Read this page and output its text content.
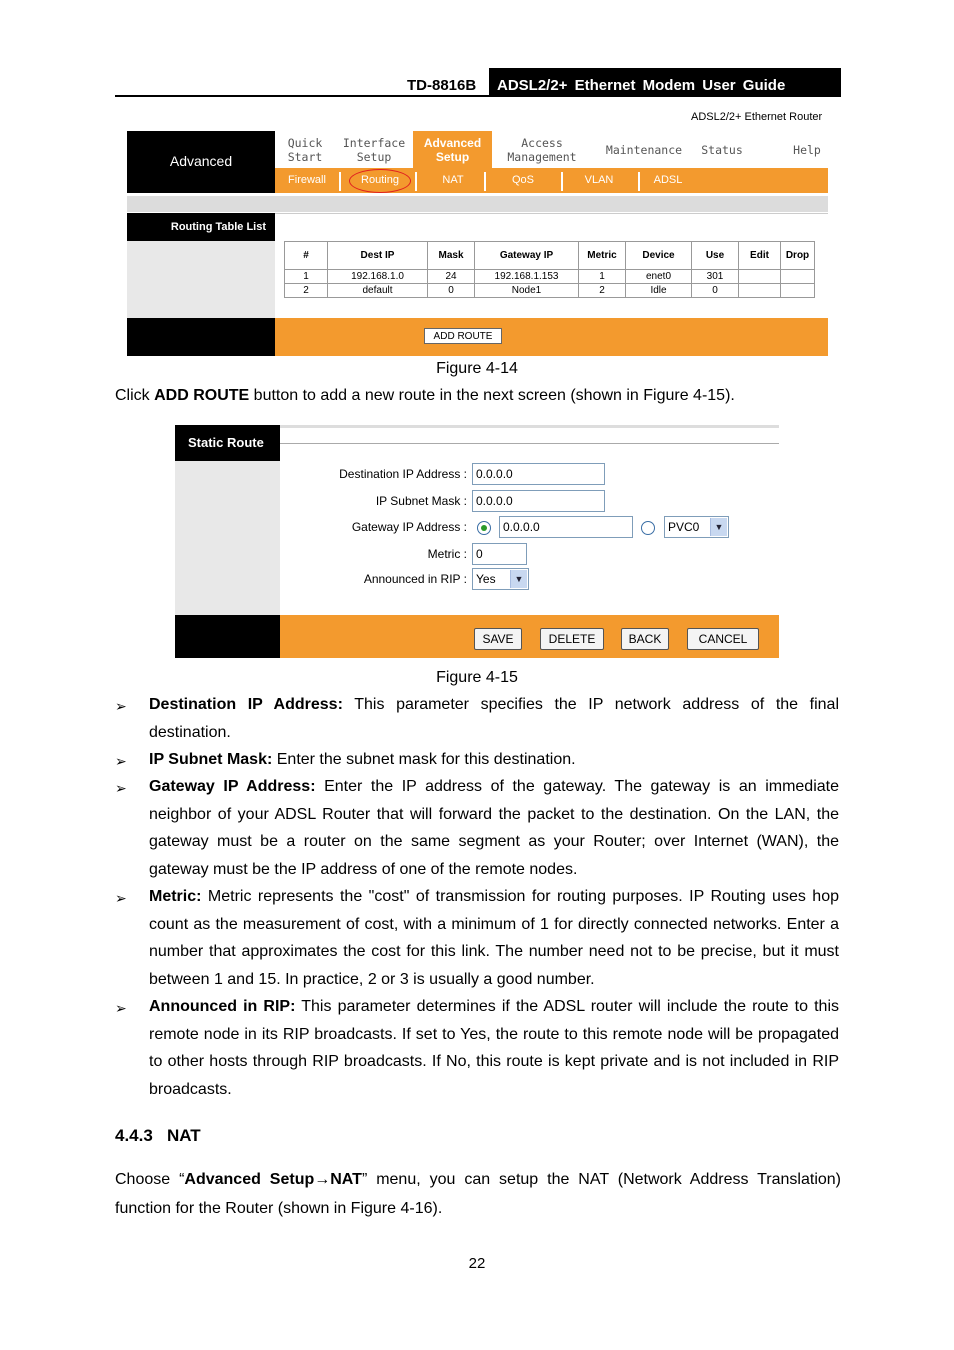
TD-8816B ADSL2/2+ Ethernet Modem User Guide
ADSL2/2+ Ethernet Router
Advanced
Quick
Start
Interface
Setup
Advanced
Setup
Access
Management	Maintenance Status	Help
Firewall	Routing	NAT	QoS	VLAN	ADSL
Routing Table List
#	Dest IP	Mask	Gateway IP	Metric	Device	Use	Edit	Drop
1	192.168.1.0	24	192.168.1.153	1	enet0	301		
2	default	0	Node1	2	Idle	0		
ADD ROUTE
Figure 4-14
Click ADD ROUTE button to add a new route in the next screen (shown in Figure 4-15).
Static Route
Destination IP Address : 0.0.0.0
IP Subnet Mask : 0.0.0.0
Gateway IP Address :	0.0.0.0	PVC0	▼
Metric : 0
Announced in RIP : Yes	▼
SAVE	DELETE	BACK	CANCEL
Figure 4-15
➢ Destination IP Address: This parameter specifies the IP network address of the final destination.
➢ IP Subnet Mask: Enter the subnet mask for this destination.
➢ Gateway IP Address: Enter the IP address of the gateway. The gateway is an immediate neighbor of your ADSL Router that will forward the packet to the destination. On the LAN, the gateway must be a router on the same segment as your Router; over Internet (WAN), the gateway must be the IP address of one of the remote nodes.
➢ Metric: Metric represents the "cost" of transmission for routing purposes. IP Routing uses hop count as the measurement of cost, with a minimum of 1 for directly connected networks. Enter a number that approximates the cost for this link. The number need not to be precise, but it must between 1 and 15. In practice, 2 or 3 is usually a good number.
➢ Announced in RIP: This parameter determines if the ADSL router will include the route to this remote node in its RIP broadcasts. If set to Yes, the route to this remote node will be propagated to other hosts through RIP broadcasts. If No, this route is kept private and is not included in RIP broadcasts.
4.4.3 NAT
Choose “Advanced Setup→NAT” menu, you can setup the NAT (Network Address Translation) function for the Router (shown in Figure 4-16).
22
